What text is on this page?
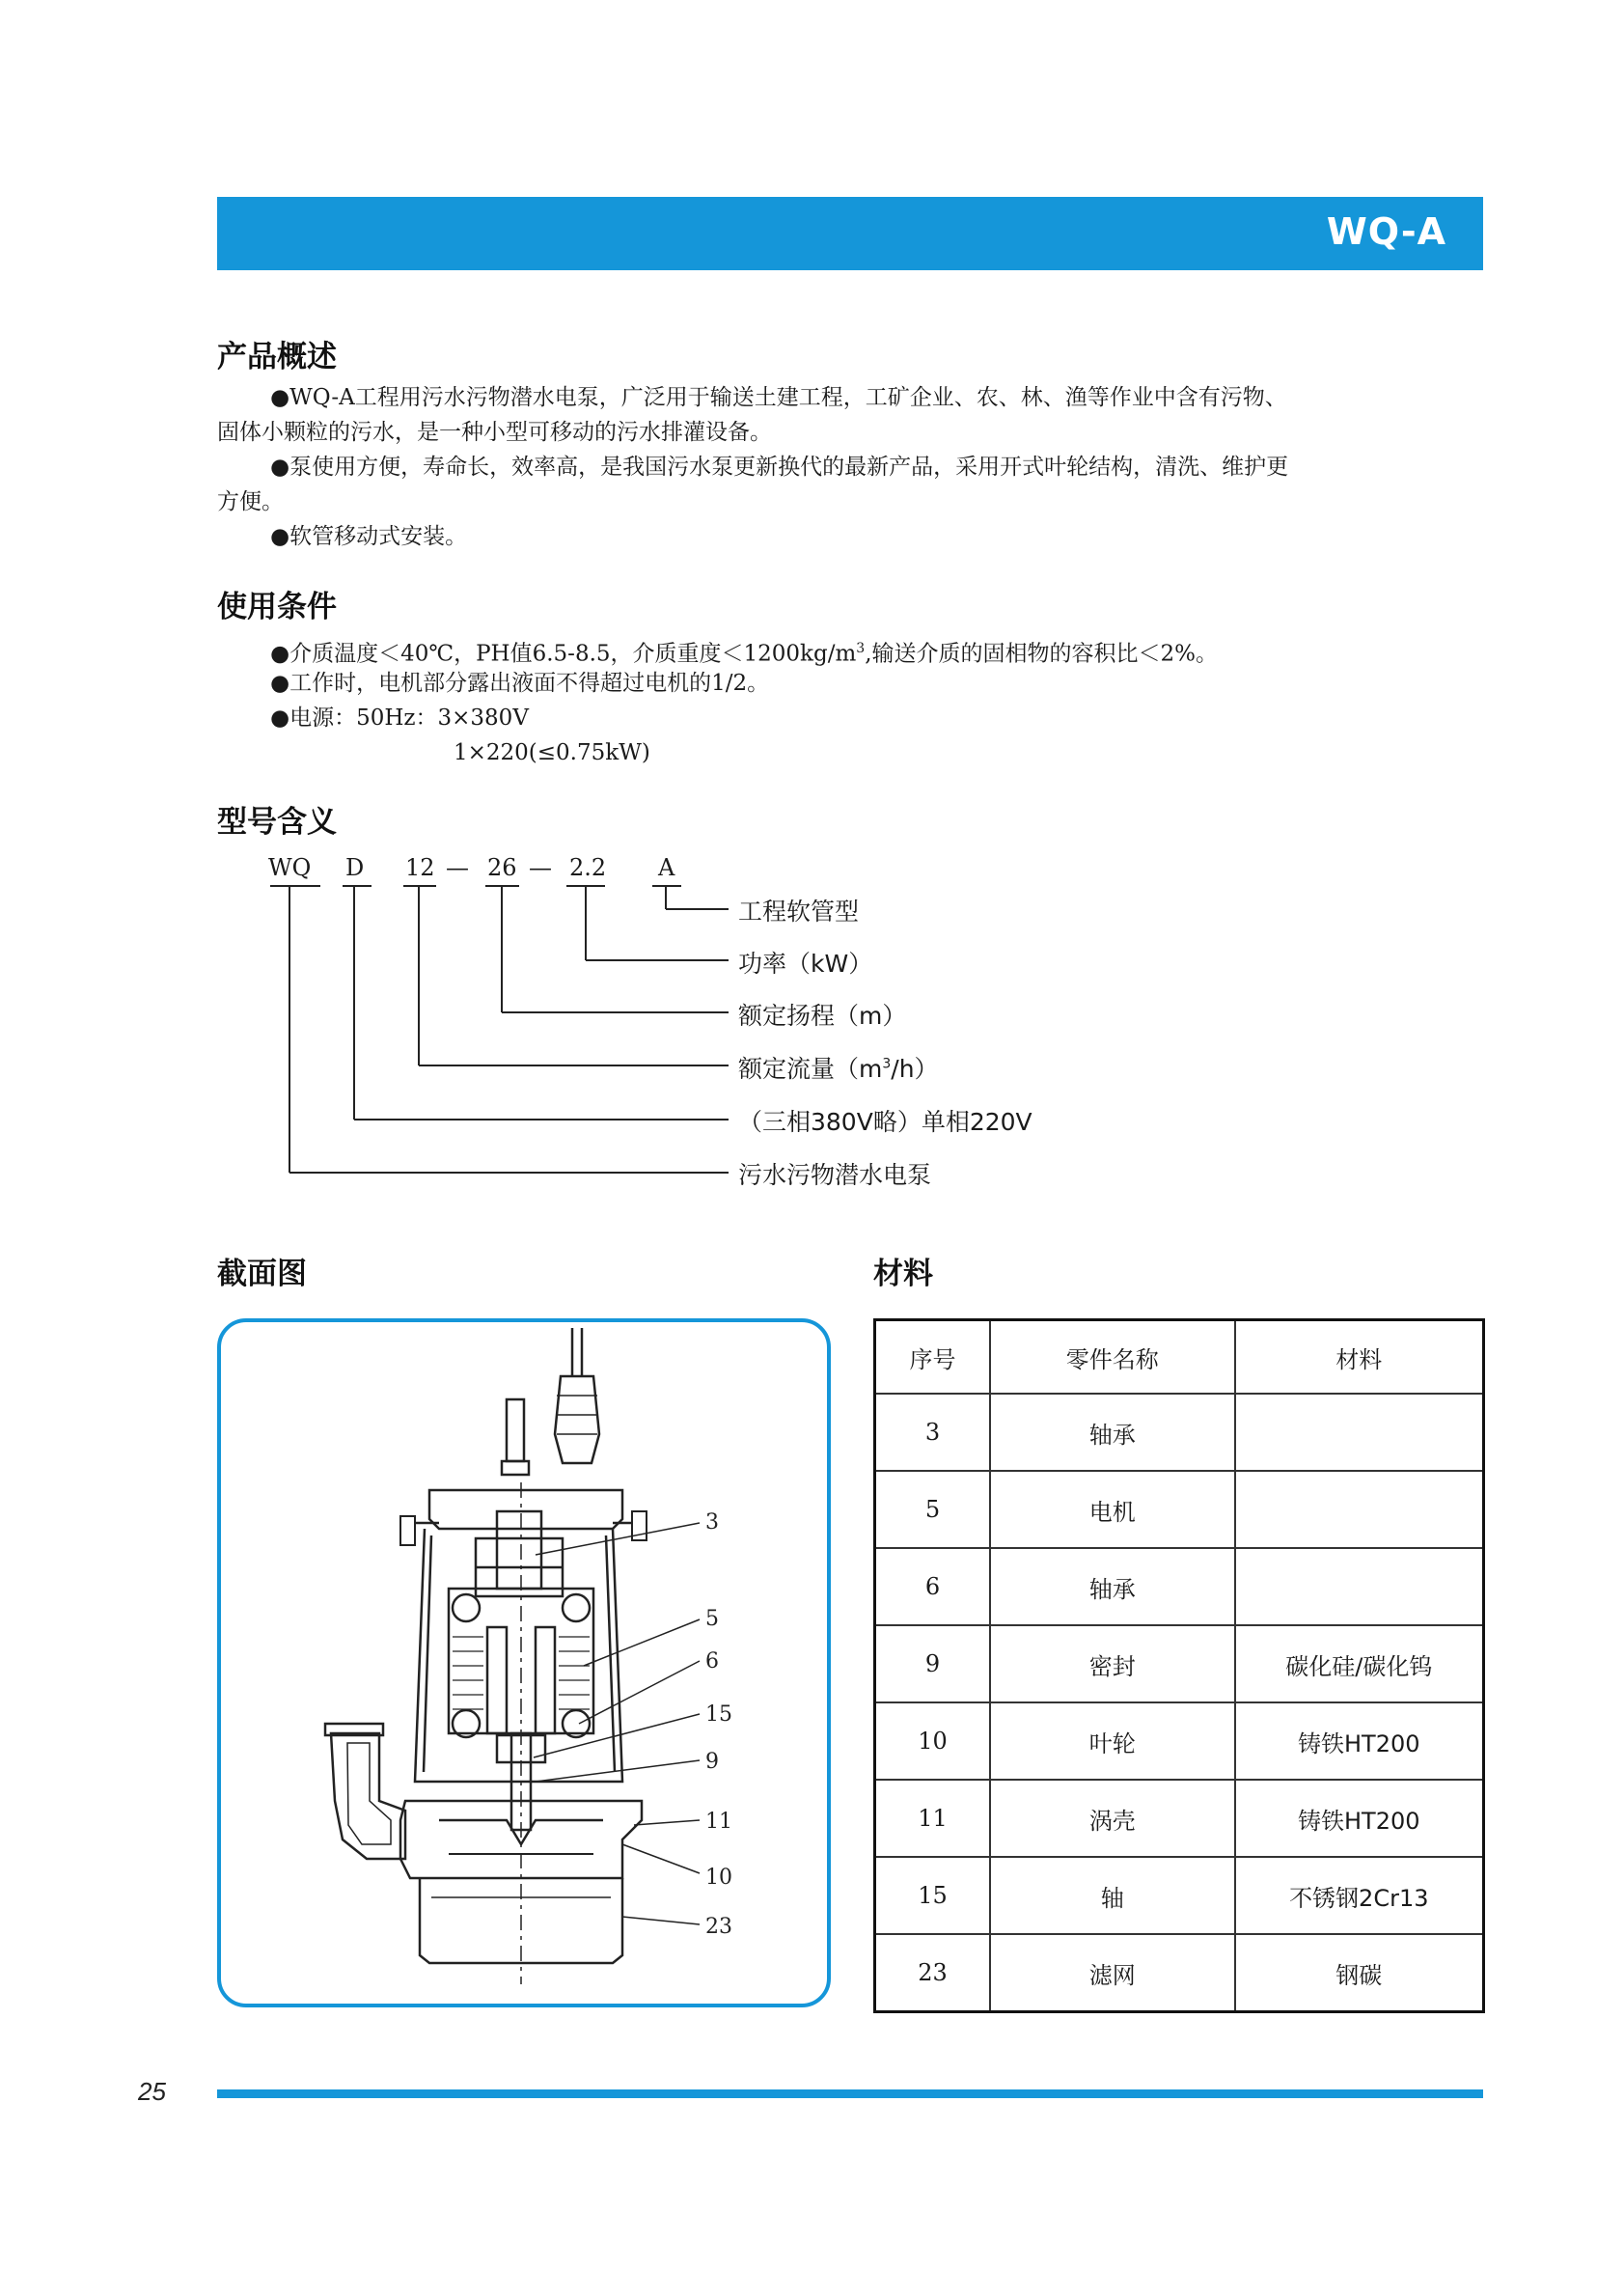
WQ-A
产品概述

●WQ-A工程用污水污物潜水电泵，广泛用于输送土建工程，工矿企业、农、林、渔等作业中含有污物、

固体小颗粒的污水，是一种小型可移动的污水排灌设备。

●泵使用方便，寿命长，效率高，是我国污水泵更新换代的最新产品，采用开式叶轮结构，清洗、维护更

方便。

●软管移动式安装。

使用条件

●介质温度＜40℃，PH值6.5-8.5，介质重度$<1200kg/m^3$,输送介质的固相物的容积比＜2%。

●工作时，电机部分露出液面不得超过电机的1/2。

●电源：50Hz：3×380V

1×220(≤0.75kW)

型号含义
WQ D 12 — 26 — 2.2 A
工程软管型
功率（kW）
额定扬程（m）
额定流量$(m^3/h)$
（三相380V略）单相220V
污水污物潜水电泵
截面图
3
5
6
15
9
11
10
23
材料
序号	零件名称	材料
3	轴承	
5	电机	
6	轴承	
9	密封	碳化硅/碳化钨
10	叶轮	铸铁HT200
11	涡壳	铸铁HT200
15	轴	不锈钢2Cr13
23	滤网	钢碳
25
